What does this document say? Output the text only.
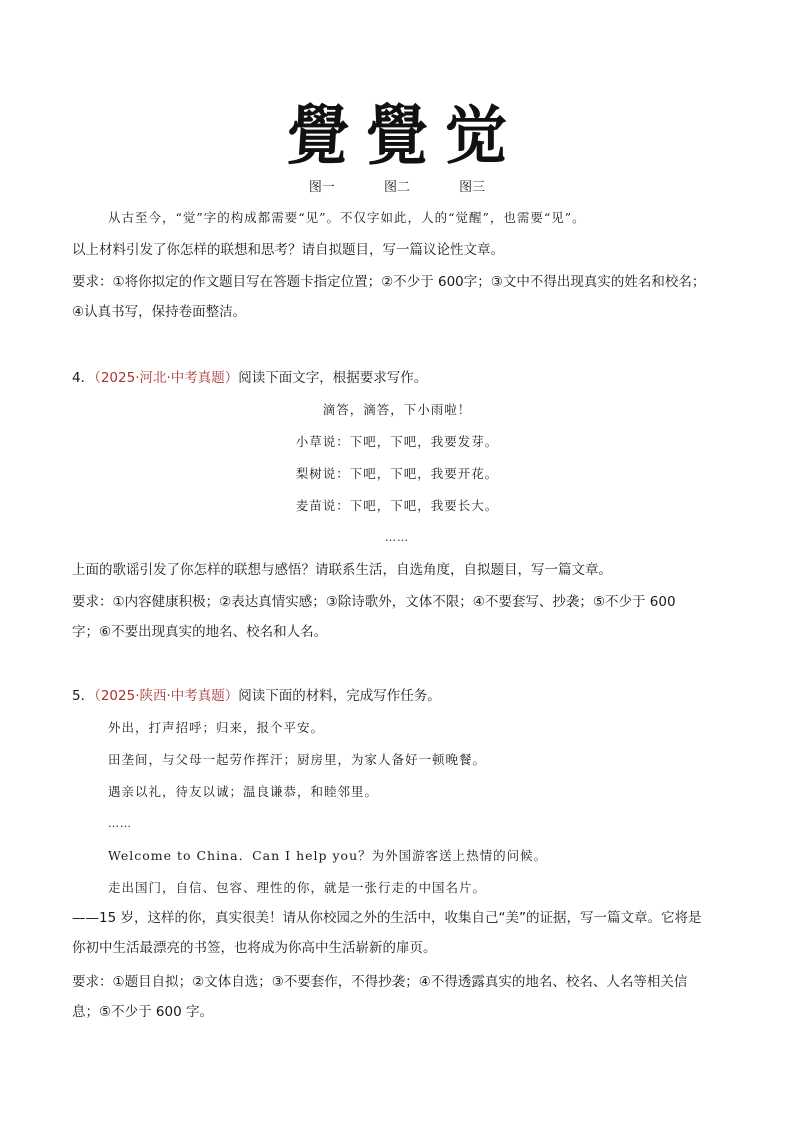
覺 覺 觉
图一	图二	图三
从古至今，“觉”字的构成都需要“见”。不仅字如此，人的“觉醒”，也需要“见”。
以上材料引发了你怎样的联想和思考？请自拟题目，写一篇议论性文章。
要求：①将你拟定的作文题目写在答题卡指定位置；②不少于 600字；③文中不得出现真实的姓名和校名；
④认真书写，保持卷面整洁。
4．（2025·河北·中考真题）阅读下面文字，根据要求写作。
滴答，滴答，下小雨啦！
小草说：下吧，下吧，我要发芽。
梨树说：下吧，下吧，我要开花。
麦苗说：下吧，下吧，我要长大。
……
上面的歌谣引发了你怎样的联想与感悟？请联系生活，自选角度，自拟题目，写一篇文章。
要求：①内容健康积极；②表达真情实感；③除诗歌外，文体不限；④不要套写、抄袭；⑤不少于 600
字；⑥不要出现真实的地名、校名和人名。
5．（2025·陕西·中考真题）阅读下面的材料，完成写作任务。
外出，打声招呼；归来，报个平安。
田垄间，与父母一起劳作挥汗；厨房里，为家人备好一顿晚餐。
遇亲以礼，待友以诚；温良谦恭，和睦邻里。
……
Welcome to China．Can I help you？为外国游客送上热情的问候。
走出国门，自信、包容、理性的你，就是一张行走的中国名片。
——15 岁，这样的你，真实很美！请从你校园之外的生活中，收集自己“美”的证据，写一篇文章。它将是
你初中生活最漂亮的书签，也将成为你高中生活崭新的扉页。
要求：①题目自拟；②文体自选；③不要套作，不得抄袭；④不得透露真实的地名、校名、人名等相关信
息；⑤不少于 600 字。
